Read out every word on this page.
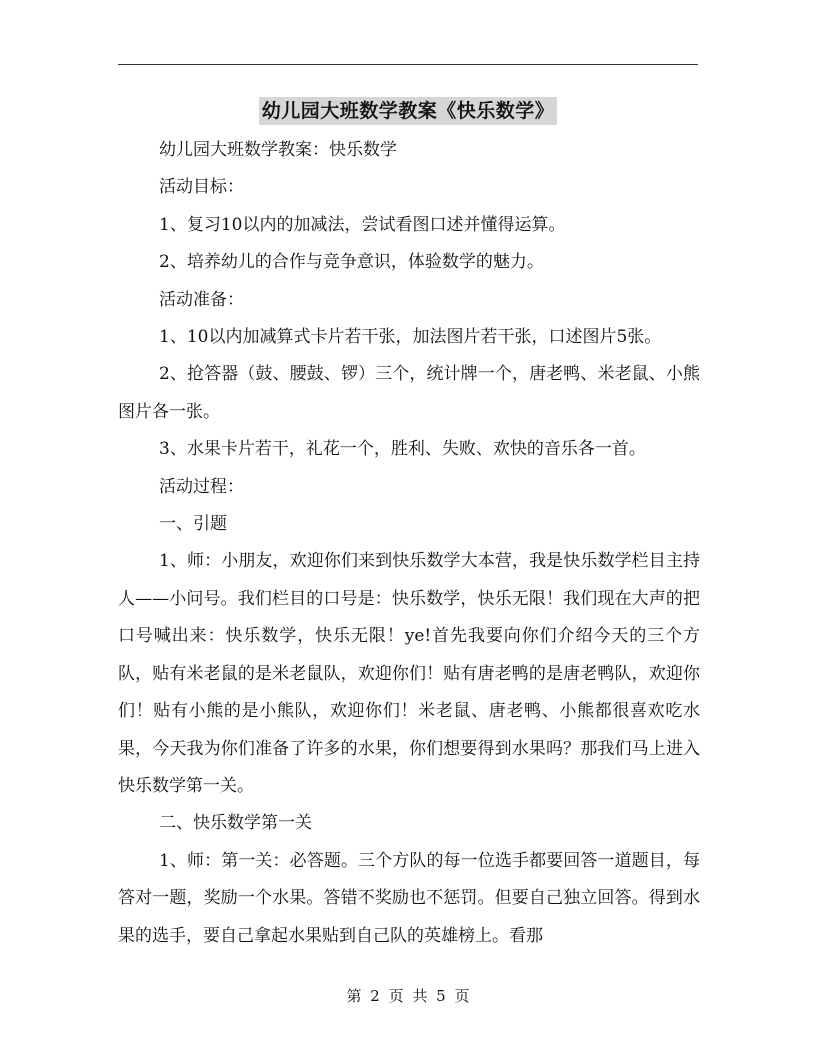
幼儿园大班数学教案《快乐数学》

幼儿园大班数学教案：快乐数学

活动目标：

1、复习10以内的加减法，尝试看图口述并懂得运算。

2、培养幼儿的合作与竞争意识，体验数学的魅力。

活动准备：

1、10以内加减算式卡片若干张，加法图片若干张，口述图片5张。

2、抢答器（鼓、腰鼓、锣）三个，统计牌一个，唐老鸭、米老鼠、小熊图片各一张。

3、水果卡片若干，礼花一个，胜利、失败、欢快的音乐各一首。

活动过程：

一、引题

1、师：小朋友，欢迎你们来到快乐数学大本营，我是快乐数学栏目主持人——小问号。我们栏目的口号是：快乐数学，快乐无限！我们现在大声的把口号喊出来：快乐数学，快乐无限！ye!首先我要向你们介绍今天的三个方队，贴有米老鼠的是米老鼠队，欢迎你们！贴有唐老鸭的是唐老鸭队，欢迎你们！贴有小熊的是小熊队，欢迎你们！米老鼠、唐老鸭、小熊都很喜欢吃水果，今天我为你们准备了许多的水果，你们想要得到水果吗？那我们马上进入快乐数学第一关。

二、快乐数学第一关

1、师：第一关：必答题。三个方队的每一位选手都要回答一道题目，每答对一题，奖励一个水果。答错不奖励也不惩罚。但要自己独立回答。得到水果的选手，要自己拿起水果贴到自己队的英雄榜上。看那

第 2 页 共 5 页
